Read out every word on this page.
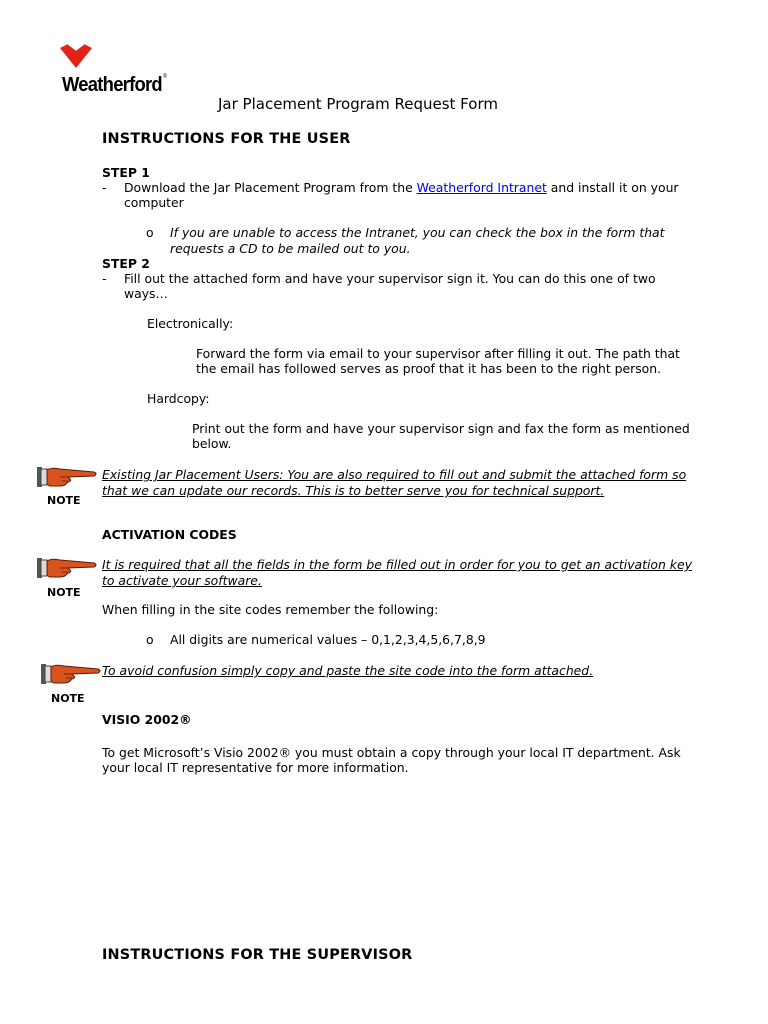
Weatherford®
Jar Placement Program Request Form
INSTRUCTIONS FOR THE USER
STEP 1
- Download the Jar Placement Program from the Weatherford Intranet and install it on your
computer
o If you are unable to access the Intranet, you can check the box in the form that
requests a CD to be mailed out to you.
STEP 2
- Fill out the attached form and have your supervisor sign it. You can do this one of two
ways…
Electronically:
Forward the form via email to your supervisor after filling it out. The path that
the email has followed serves as proof that it has been to the right person.
Hardcopy:
Print out the form and have your supervisor sign and fax the form as mentioned
below.
NOTE
Existing Jar Placement Users: You are also required to fill out and submit the attached form so
that we can update our records. This is to better serve you for technical support.
ACTIVATION CODES
NOTE
It is required that all the fields in the form be filled out in order for you to get an activation key
to activate your software.
When filling in the site codes remember the following:
o All digits are numerical values – 0,1,2,3,4,5,6,7,8,9
NOTE
To avoid confusion simply copy and paste the site code into the form attached.
VISIO 2002®
To get Microsoft’s Visio 2002® you must obtain a copy through your local IT department. Ask
your local IT representative for more information.
INSTRUCTIONS FOR THE SUPERVISOR
